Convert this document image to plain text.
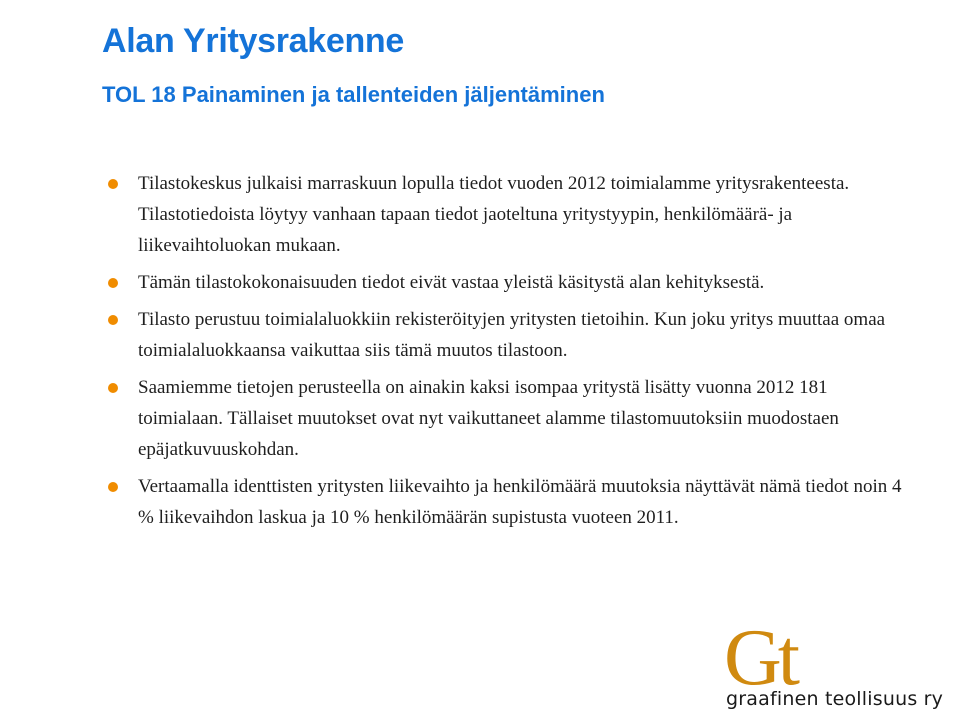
Alan Yritysrakenne
TOL 18 Painaminen ja tallenteiden jäljentäminen
Tilastokeskus julkaisi marraskuun lopulla tiedot vuoden 2012 toimialamme yritysrakenteesta. Tilastotiedoista löytyy vanhaan tapaan tiedot jaoteltuna yritystyypin, henkilömäärä- ja liikevaihtoluokan mukaan.
Tämän tilastokokonaisuuden tiedot eivät vastaa yleistä käsitystä alan kehityksestä.
Tilasto perustuu toimialaluokkiin rekisteröityjen yritysten tietoihin. Kun joku yritys muuttaa omaa toimialaluokkaansa vaikuttaa siis tämä muutos tilastoon.
Saamiemme tietojen perusteella on ainakin kaksi isompaa yritystä lisätty vuonna 2012 181 toimialaan. Tällaiset muutokset ovat nyt vaikuttaneet alamme tilastomuutoksiin muodostaen epäjatkuvuuskohdan.
Vertaamalla identtisten yritysten liikevaihto ja henkilömäärä muutoksia näyttävät nämä tiedot noin 4 % liikevaihdon laskua ja 10 % henkilömäärän supistusta vuoteen 2011.
Gt
graafinen teollisuus ry
